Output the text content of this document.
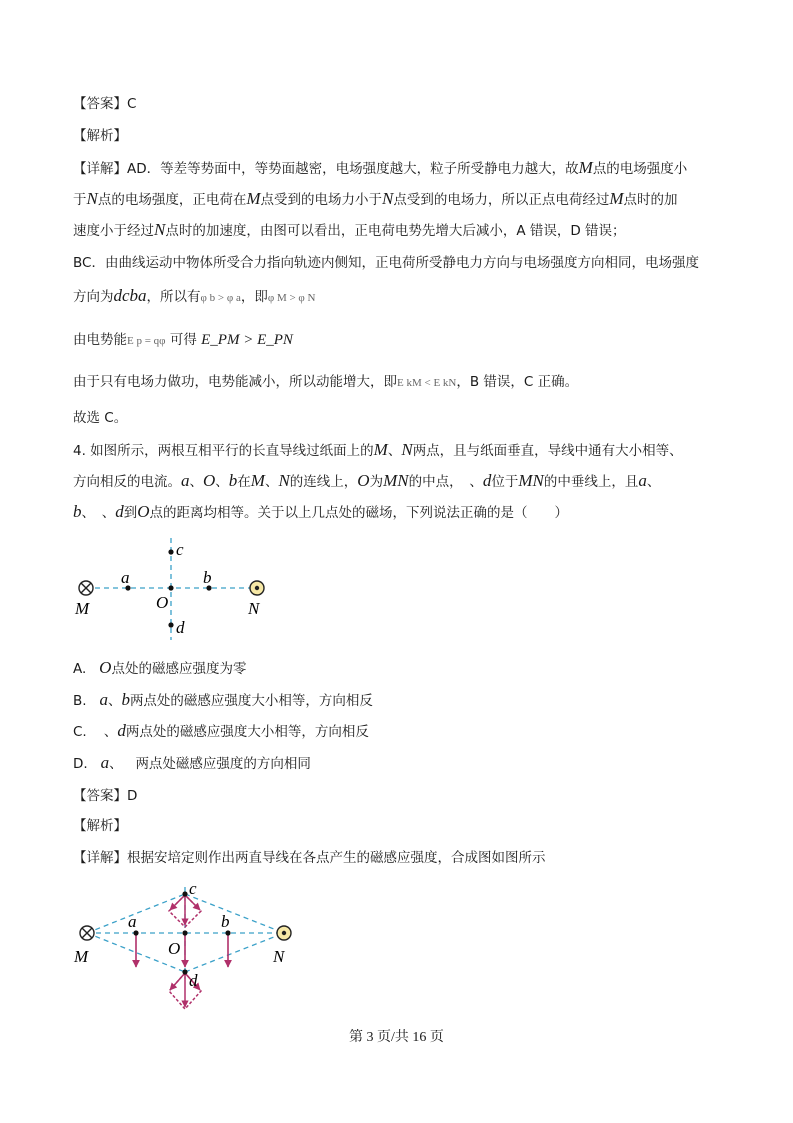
【答案】C
【解析】
【详解】AD．等差等势面中，等势面越密，电场强度越大，粒子所受静电力越大，故M点的电场强度小
于N点的电场强度，正电荷在M点受到的电场力小于N点受到的电场力，所以正点电荷经过M点时的加
速度小于经过N点时的加速度，由图可以看出，正电荷电势先增大后减小，A 错误，D 错误；
BC．由曲线运动中物体所受合力指向轨迹内侧知，正电荷所受静电力方向与电场强度方向相同，电场强度
方向为dcba，所以有φ b > φ a，即φ M > φ N
由电势能E p = qφ 可得 E_PM > E_PN
由于只有电场力做功，电势能减小，所以动能增大，即E kM < E kN，B 错误，C 正确。
故选 C。
4. 如图所示，两根互相平行的长直导线过纸面上的M、N两点，且与纸面垂直，导线中通有大小相等、
方向相反的电流。a、O、b在M、N的连线上，O为MN的中点，　、d位于MN的中垂线上，且a、
b、　、d到O点的距离均相等。关于以上几点处的磁场，下列说法正确的是（　　）
c
a	b
O
M	N
d
A. O点处的磁感应强度为零
B. a、b两点处的磁感应强度大小相等，方向相反
C. 、d两点处的磁感应强度大小相等，方向相反
D. a、 两点处磁感应强度的方向相同
【答案】D
【解析】
【详解】根据安培定则作出两直导线在各点产生的磁感应强度，合成图如图所示
c
a	b
O
M	N
d
第 3 页/共 16 页
